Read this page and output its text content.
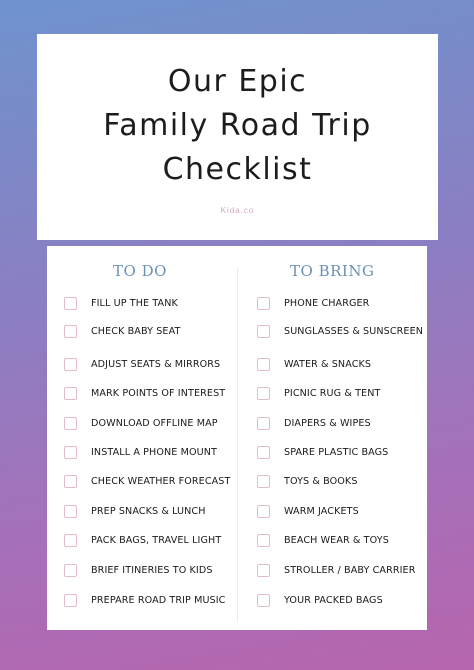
Our Epic
Family Road Trip
Checklist
Kida.co
TO DO	TO BRING
FILL UP THE TANK
CHECK BABY SEAT
ADJUST SEATS & MIRRORS
MARK POINTS OF INTEREST
DOWNLOAD OFFLINE MAP
INSTALL A PHONE MOUNT
CHECK WEATHER FORECAST
PREP SNACKS & LUNCH
PACK BAGS, TRAVEL LIGHT
BRIEF ITINERIES TO KIDS
PREPARE ROAD TRIP MUSIC
PHONE CHARGER
SUNGLASSES & SUNSCREEN
WATER & SNACKS
PICNIC RUG & TENT
DIAPERS & WIPES
SPARE PLASTIC BAGS
TOYS & BOOKS
WARM JACKETS
BEACH WEAR & TOYS
STROLLER / BABY CARRIER
YOUR PACKED BAGS
